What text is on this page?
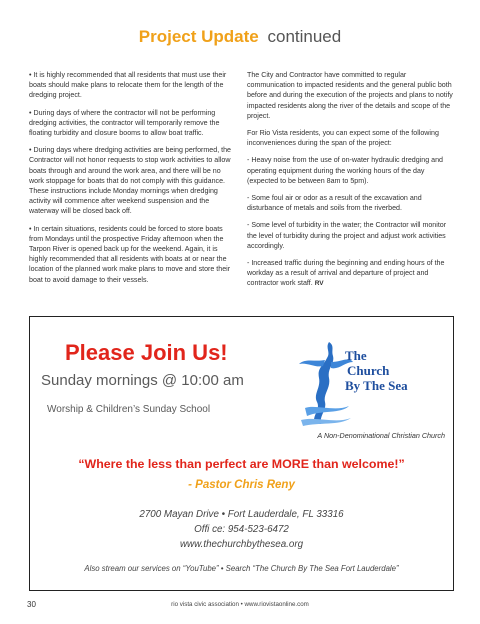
Project Update continued

• It is highly recommended that all residents that must use their boats should make plans to relocate them for the length of the dredging project.

• During days of where the contractor will not be performing dredging activities, the contractor will temporarily remove the floating turbidity and closure booms to allow boat traffic.

• During days where dredging activities are being performed, the Contractor will not honor requests to stop work activities to allow boats through and around the work area, and there will be no work stoppage for boats that do not comply with this guidance. These instructions include Monday mornings when dredging activity will commence after weekend suspension and the waterway will be closed back off.

• In certain situations, residents could be forced to store boats from Mondays until the prospective Friday afternoon when the Tarpon River is opened back up for the weekend. Again, it is highly recommended that all residents with boats at or near the location of the planned work make plans to move and store their boat to avoid damage to their vessels.

The City and Contractor have committed to regular communication to impacted residents and the general public both before and during the execution of the projects and plans to notify impacted residents along the river of the details and scope of the project.

For Rio Vista residents, you can expect some of the following inconveniences during the span of the project:

- Heavy noise from the use of on-water hydraulic dredging and operating equipment during the working hours of the day (expected to be between 8am to 5pm).

- Some foul air or odor as a result of the excavation and disturbance of metals and soils from the riverbed.

- Some level of turbidity in the water; the Contractor will monitor the level of turbidity during the project and adjust work activities accordingly.

- Increased traffic during the beginning and ending hours of the workday as a result of arrival and departure of project and contractor work staff. RV

Please Join Us!
Sunday mornings @ 10:00 am
Worship & Children’s Sunday School
The
Church
By The Sea
A Non-Denominational Christian Church
“Where the less than perfect are MORE than welcome!”
- Pastor Chris Reny
2700 Mayan Drive • Fort Lauderdale, FL 33316
Offi ce: 954-523-6472
www.thechurchbythesea.org
Also stream our services on “YouTube” • Search “The Church By The Sea Fort Lauderdale”
30	rio vista civic association • www.riovistaonline.com
